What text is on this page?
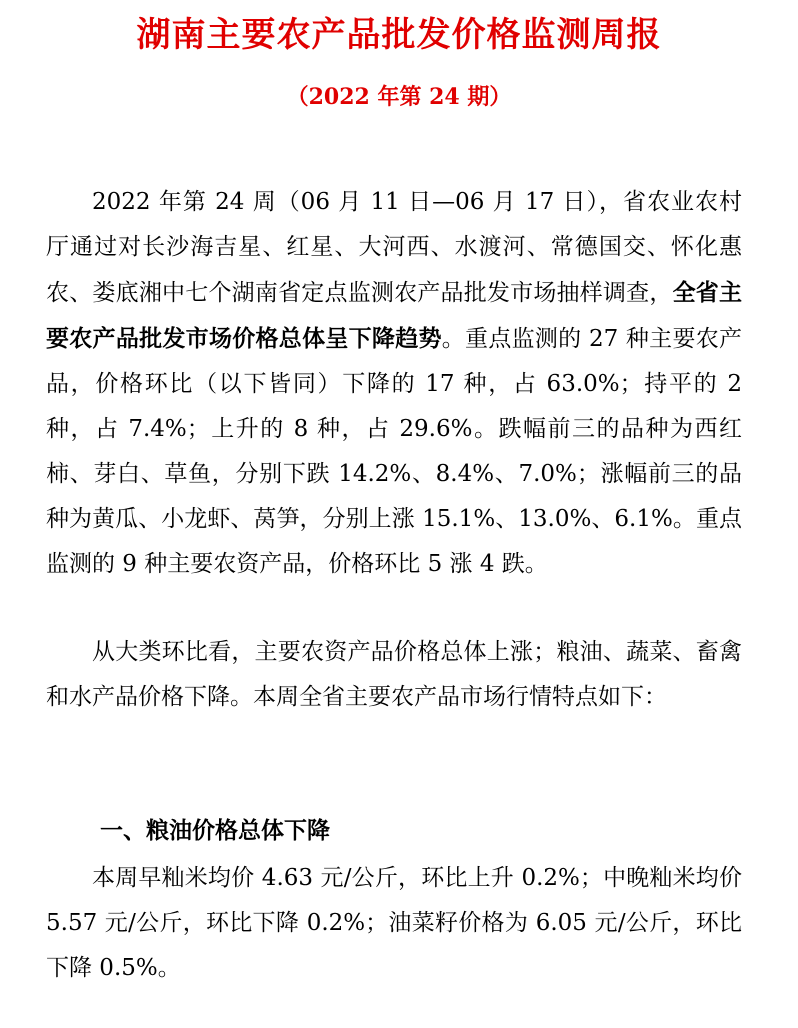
湖南主要农产品批发价格监测周报
（2022 年第 24 期）

2022 年第 24 周（06 月 11 日—06 月 17 日），省农业农村厅通过对长沙海吉星、红星、大河西、水渡河、常德国交、怀化惠农、娄底湘中七个湖南省定点监测农产品批发市场抽样调查，全省主要农产品批发市场价格总体呈下降趋势。重点监测的 27 种主要农产品，价格环比（以下皆同）下降的 17 种，占 63.0%；持平的 2 种，占 7.4%；上升的 8 种，占 29.6%。跌幅前三的品种为西红柿、芽白、草鱼，分别下跌 14.2%、8.4%、7.0%；涨幅前三的品种为黄瓜、小龙虾、莴笋，分别上涨 15.1%、13.0%、6.1%。重点监测的 9 种主要农资产品，价格环比 5 涨 4 跌。

从大类环比看，主要农资产品价格总体上涨；粮油、蔬菜、畜禽和水产品价格下降。本周全省主要农产品市场行情特点如下：

一、粮油价格总体下降

本周早籼米均价 4.63 元/公斤，环比上升 0.2%；中晚籼米均价 5.57 元/公斤，环比下降 0.2%；油菜籽价格为 6.05 元/公斤，环比下降 0.5%。
